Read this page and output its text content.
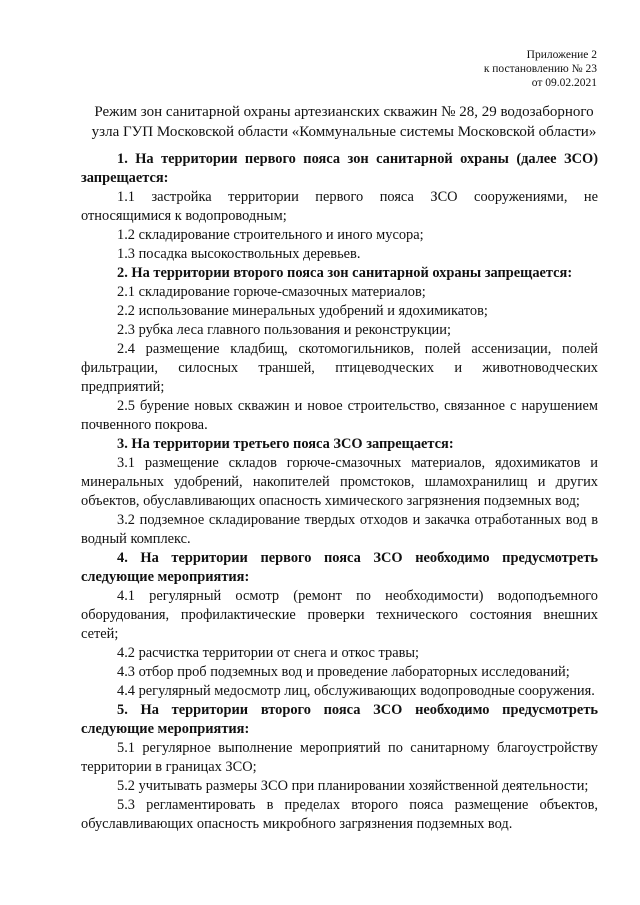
Приложение 2
к постановлению № 23
от 09.02.2021
Режим зон санитарной охраны артезианских скважин № 28, 29 водозаборного
узла ГУП Московской области «Коммунальные системы Московской области»

1. На территории первого пояса зон санитарной охраны (далее ЗСО) запрещается:

1.1 застройка территории первого пояса ЗСО сооружениями, не относящимися к водопроводным;

1.2 складирование строительного и иного мусора;

1.3 посадка высокоствольных деревьев.

2. На территории второго пояса зон санитарной охраны запрещается:

2.1 складирование горюче-смазочных материалов;

2.2 использование минеральных удобрений и ядохимикатов;

2.3 рубка леса главного пользования и реконструкции;

2.4 размещение кладбищ, скотомогильников, полей ассенизации, полей фильтрации, силосных траншей, птицеводческих и животноводческих предприятий;

2.5 бурение новых скважин и новое строительство, связанное с нарушением почвенного покрова.

3. На территории третьего пояса ЗСО запрещается:

3.1 размещение складов горюче-смазочных материалов, ядохимикатов и минеральных удобрений, накопителей промстоков, шламохранилищ и других объектов, обуславливающих опасность химического загрязнения подземных вод;

3.2 подземное складирование твердых отходов и закачка отработанных вод в водный комплекс.

4. На территории первого пояса ЗСО необходимо предусмотреть следующие мероприятия:

4.1 регулярный осмотр (ремонт по необходимости) водоподъемного оборудования, профилактические проверки технического состояния внешних сетей;

4.2 расчистка территории от снега и откос травы;

4.3 отбор проб подземных вод и проведение лабораторных исследований;

4.4 регулярный медосмотр лиц, обслуживающих водопроводные сооружения.

5. На территории второго пояса ЗСО необходимо предусмотреть следующие мероприятия:

5.1 регулярное выполнение мероприятий по санитарному благоустройству территории в границах ЗСО;

5.2 учитывать размеры ЗСО при планировании хозяйственной деятельности;

5.3 регламентировать в пределах второго пояса размещение объектов, обуславливающих опасность микробного загрязнения подземных вод.
